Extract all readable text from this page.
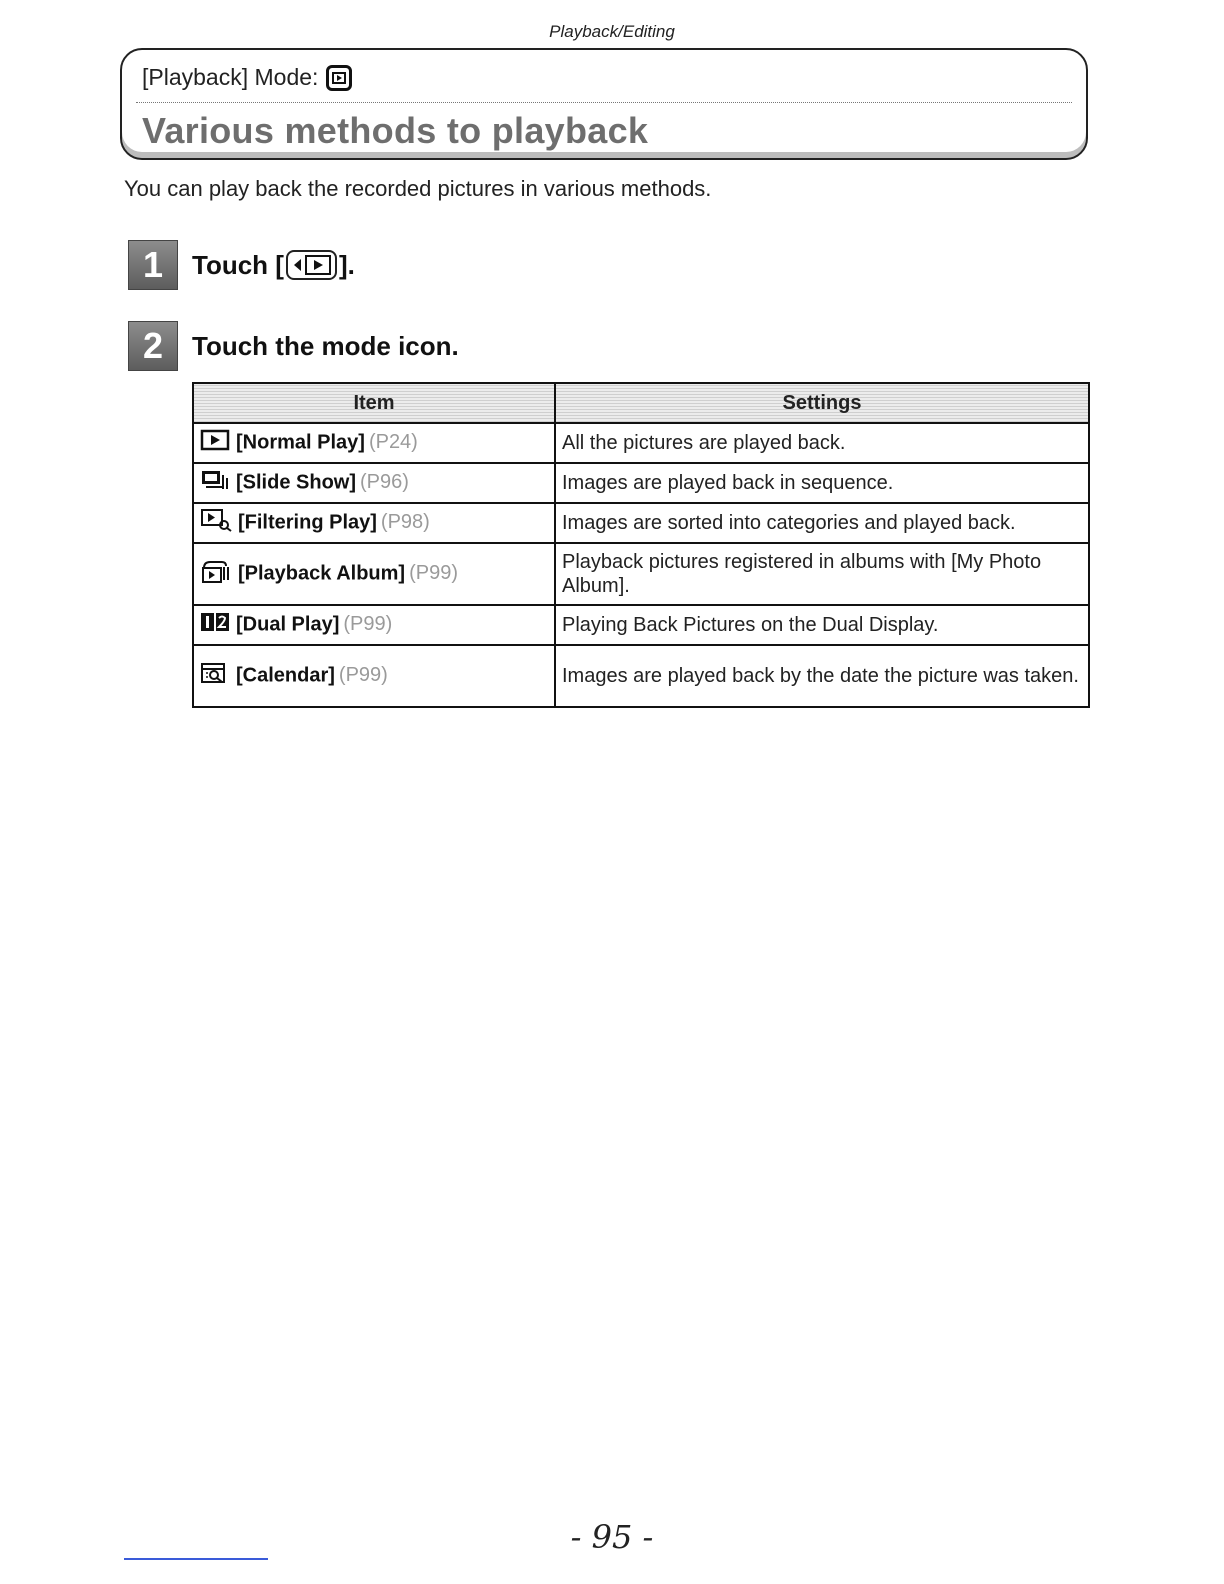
Playback/Editing
[Playback] Mode:
Various methods to playback
You can play back the recorded pictures in various methods.
1	Touch [ ].
2	Touch the mode icon.
Item	Settings
[Normal Play] (P24)	All the pictures are played back.
[Slide Show] (P96)	Images are played back in sequence.
[Filtering Play] (P98)	Images are sorted into categories and played back.
[Playback Album] (P99)	Playback pictures registered in albums with [My Photo Album].
[Dual Play] (P99)	Playing Back Pictures on the Dual Display.
[Calendar] (P99)	Images are played back by the date the picture was taken.
- 95 -
